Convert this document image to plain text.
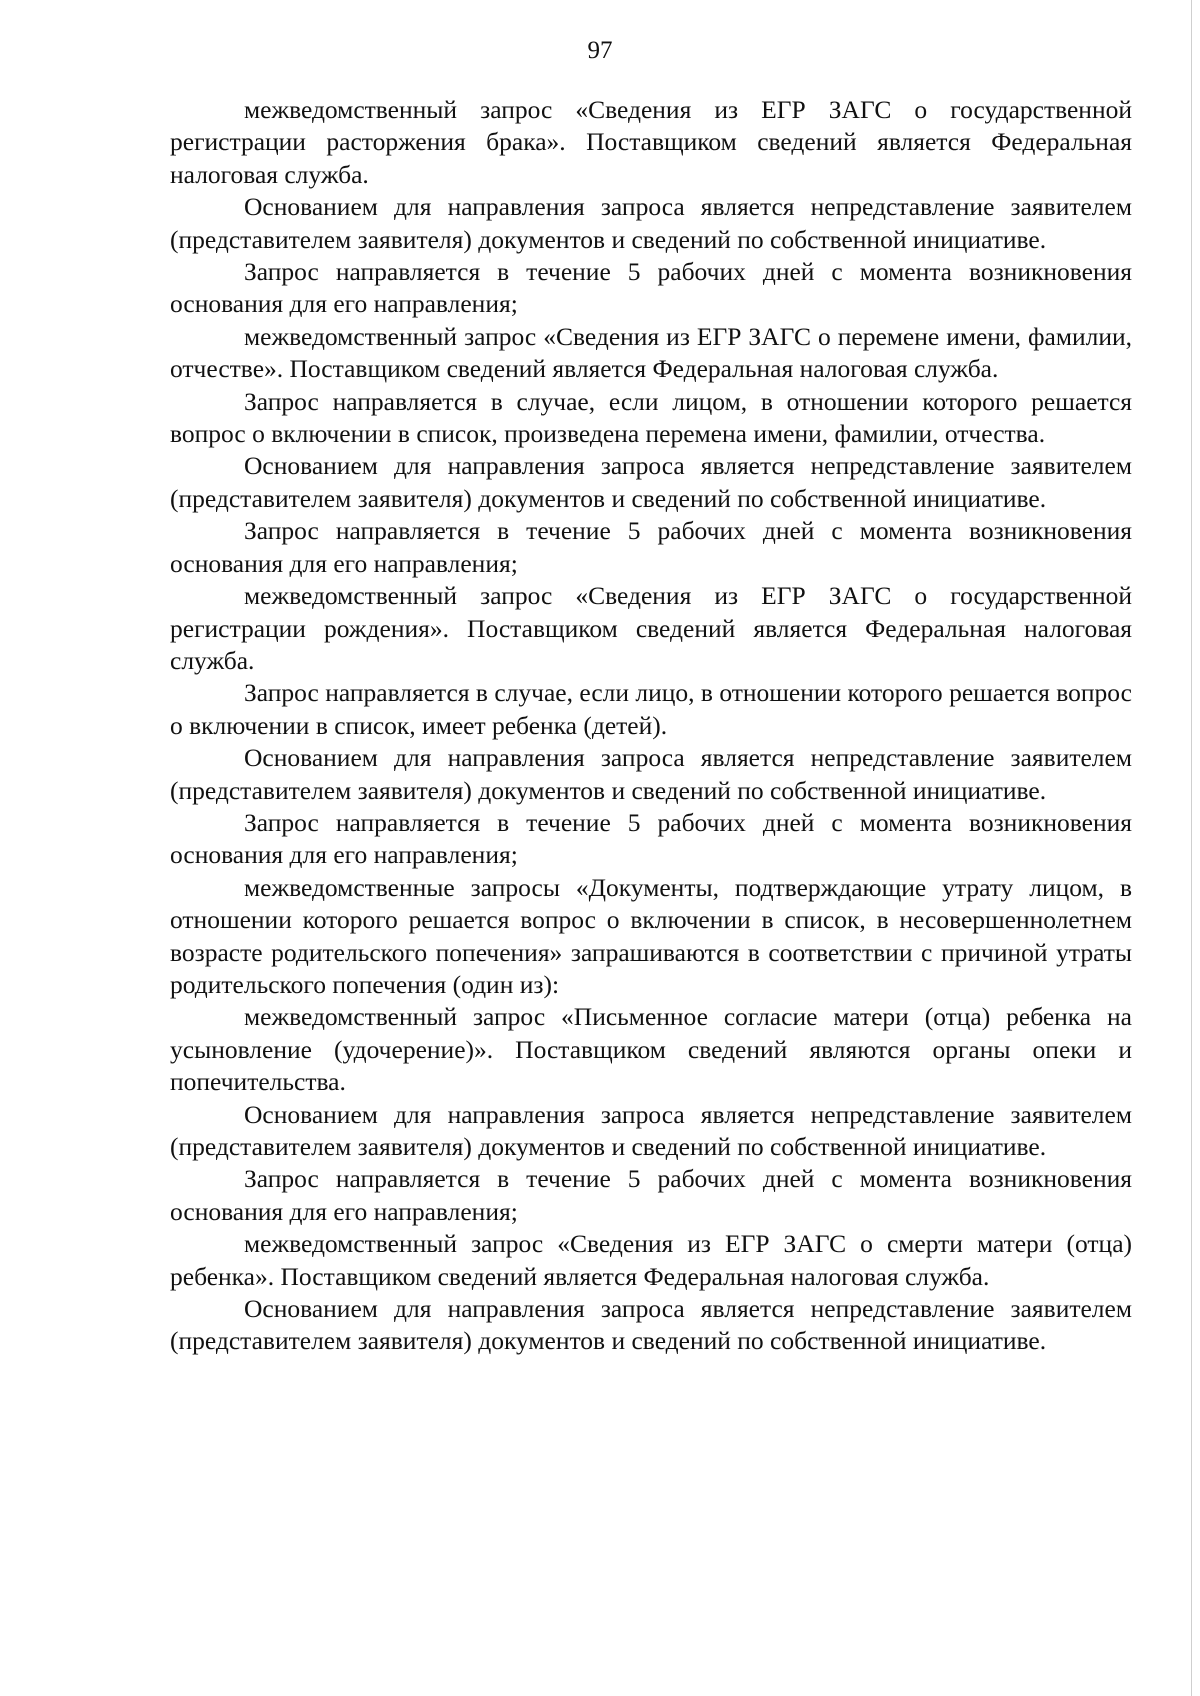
97

межведомственный запрос «Сведения из ЕГР ЗАГС о государственной регистрации расторжения брака». Поставщиком сведений является Федеральная налоговая служба.

Основанием для направления запроса является непредставление заявителем (представителем заявителя) документов и сведений по собственной инициативе.

Запрос направляется в течение 5 рабочих дней с момента возникновения основания для его направления;

межведомственный запрос «Сведения из ЕГР ЗАГС о перемене имени, фамилии, отчестве». Поставщиком сведений является Федеральная налоговая служба.

Запрос направляется в случае, если лицом, в отношении которого решается вопрос о включении в список, произведена перемена имени, фамилии, отчества.

Основанием для направления запроса является непредставление заявителем (представителем заявителя) документов и сведений по собственной инициативе.

Запрос направляется в течение 5 рабочих дней с момента возникновения основания для его направления;

межведомственный запрос «Сведения из ЕГР ЗАГС о государственной регистрации рождения». Поставщиком сведений является Федеральная налоговая служба.

Запрос направляется в случае, если лицо, в отношении которого решается вопрос о включении в список, имеет ребенка (детей).

Основанием для направления запроса является непредставление заявителем (представителем заявителя) документов и сведений по собственной инициативе.

Запрос направляется в течение 5 рабочих дней с момента возникновения основания для его направления;

межведомственные запросы «Документы, подтверждающие утрату лицом, в отношении которого решается вопрос о включении в список, в несовершеннолетнем возрасте родительского попечения» запрашиваются в соответствии с причиной утраты родительского попечения (один из):

межведомственный запрос «Письменное согласие матери (отца) ребенка на усыновление (удочерение)». Поставщиком сведений являются органы опеки и попечительства.

Основанием для направления запроса является непредставление заявителем (представителем заявителя) документов и сведений по собственной инициативе.

Запрос направляется в течение 5 рабочих дней с момента возникновения основания для его направления;

межведомственный запрос «Сведения из ЕГР ЗАГС о смерти матери (отца) ребенка». Поставщиком сведений является Федеральная налоговая служба.

Основанием для направления запроса является непредставление заявителем (представителем заявителя) документов и сведений по собственной инициативе.
